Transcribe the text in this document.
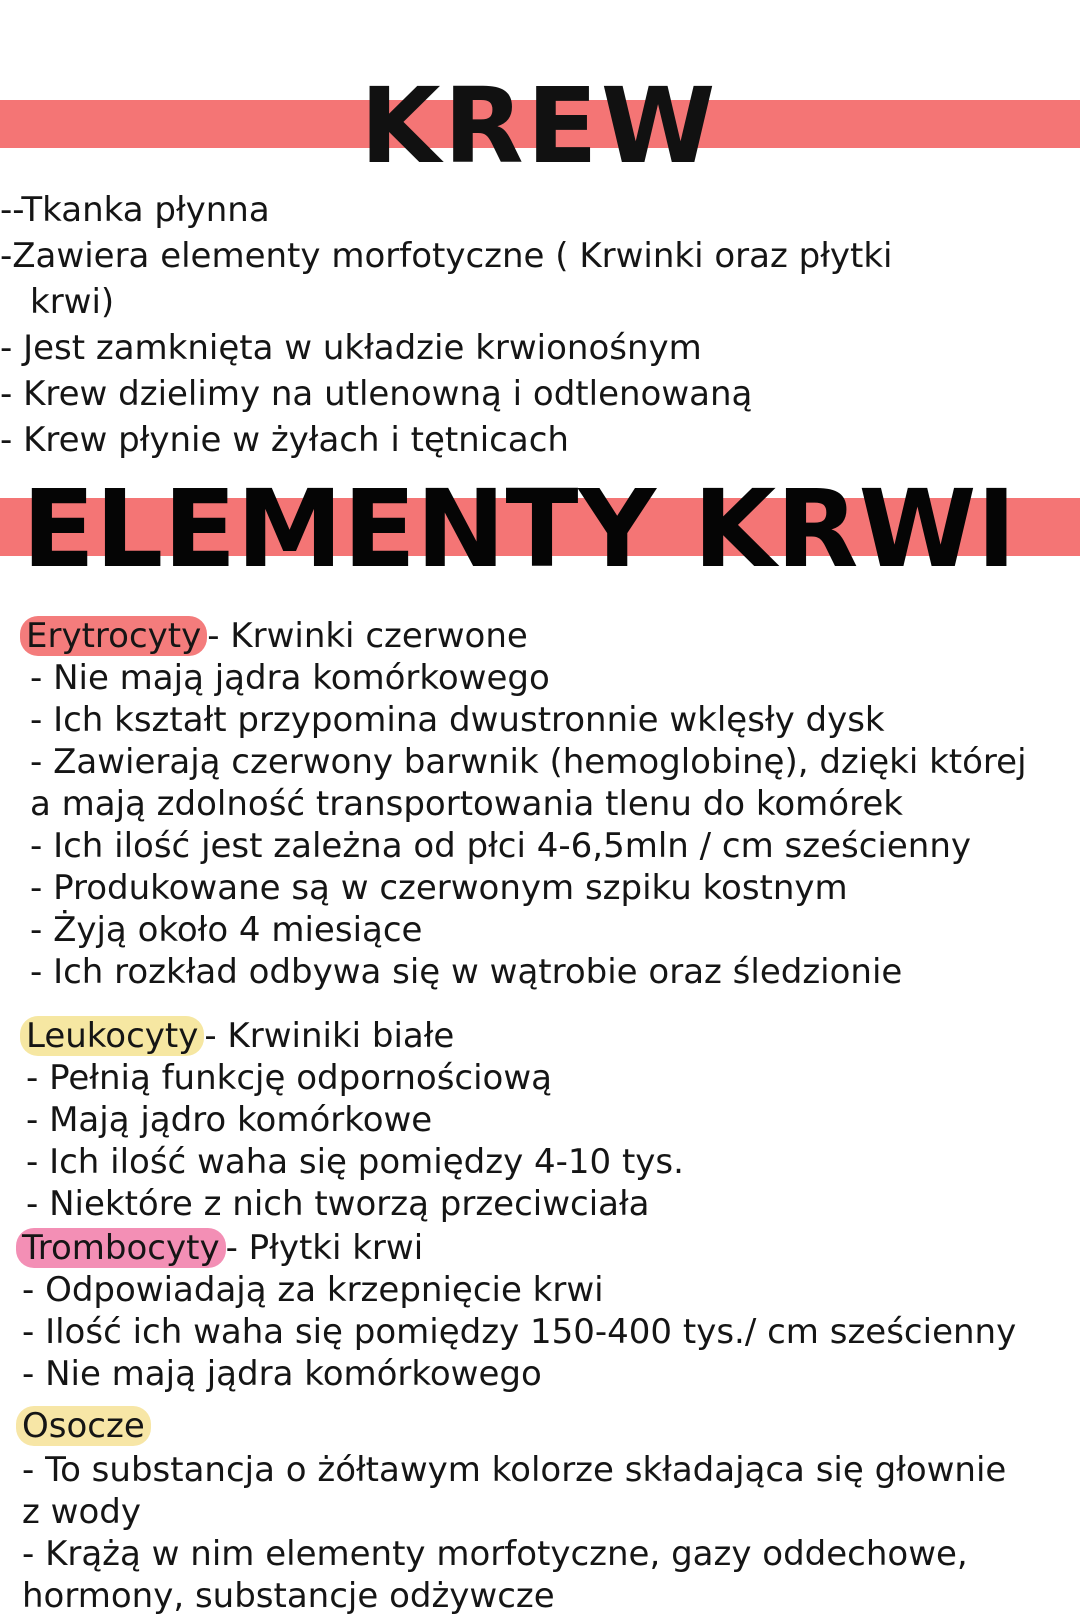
KREW
--Tkanka płynna
-Zawiera elementy morfotyczne ( Krwinki oraz płytki
krwi)
- Jest zamknięta w układzie krwionośnym
- Krew dzielimy na utlenowną i odtlenowaną
- Krew płynie w żyłach i tętnicach
ELEMENTY KRWI
Erytrocyty - Krwinki czerwone
- Nie mają jądra komórkowego
- Ich kształt przypomina dwustronnie wklęsły dysk
- Zawierają czerwony barwnik (hemoglobinę), dzięki której
a mają zdolność transportowania tlenu do komórek
- Ich ilość jest zależna od płci 4-6,5mln / cm sześcienny
- Produkowane są w czerwonym szpiku kostnym
- Żyją około 4 miesiące
- Ich rozkład odbywa się w wątrobie oraz śledzionie
Leukocyty - Krwiniki białe
- Pełnią funkcję odpornościową
- Mają jądro komórkowe
- Ich ilość waha się pomiędzy 4-10 tys.
- Niektóre z nich tworzą przeciwciała
Trombocyty - Płytki krwi
- Odpowiadają za krzepnięcie krwi
- Ilość ich waha się pomiędzy 150-400 tys./ cm sześcienny
- Nie mają jądra komórkowego
Osocze
- To substancja o żółtawym kolorze składająca się głownie
z wody
- Krążą w nim elementy morfotyczne, gazy oddechowe,
hormony, substancje odżywcze
